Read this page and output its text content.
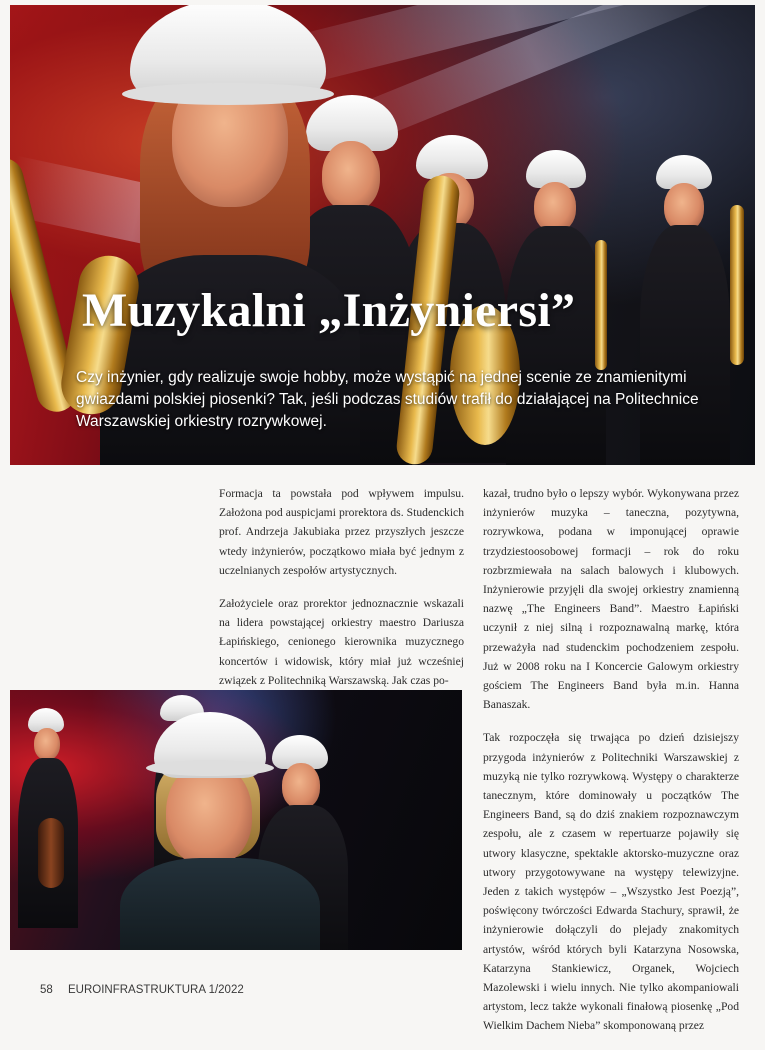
Muzykalni „Inżyniersi”

Czy inżynier, gdy realizuje swoje hobby, może wystąpić na jednej scenie ze znamienitymi gwiazdami polskiej piosenki? Tak, jeśli podczas studiów trafił do działającej na Politechnice Warszawskiej orkiestry rozrywkowej.

Formacja ta powstała pod wpływem impulsu. Założona pod auspicjami prorektora ds. Studenckich prof. Andrzeja Jakubiaka przez przyszłych jeszcze wtedy inżynierów, początkowo miała być jednym z uczelnianych zespołów artystycznych.

Założyciele oraz prorektor jednoznacznie wskazali na lidera powstającej orkiestry maestro Dariusza Łapińskiego, cenionego kierownika muzycznego koncertów i widowisk, który miał już wcześniej związek z Politechniką Warszawską. Jak czas po-

kazał, trudno było o lepszy wybór. Wykonywana przez inżynierów muzyka – taneczna, pozytywna, rozrywkowa, podana w imponującej oprawie trzydziestoosobowej formacji – rok do roku rozbrzmiewała na salach balowych i klubowych. Inżynierowie przyjęli dla swojej orkiestry znamienną nazwę „The Engineers Band”. Maestro Łapiński uczynił z niej silną i rozpoznawalną markę, która przeważyła nad studenckim pochodzeniem zespołu. Już w 2008 roku na I Koncercie Galowym orkiestry gościem The Engineers Band była m.in. Hanna Banaszak.

Tak rozpoczęła się trwająca po dzień dzisiejszy przygoda inżynierów z Politechniki Warszawskiej z muzyką nie tylko rozrywkową. Występy o charakterze tanecznym, które dominowały u początków The Engineers Band, są do dziś znakiem rozpoznawczym zespołu, ale z czasem w repertuarze pojawiły się utwory klasyczne, spektakle aktorsko-muzyczne oraz utwory przygotowywane na występy telewizyjne. Jeden z takich występów – „Wszystko Jest Poezją”, poświęcony twórczości Edwarda Stachury, sprawił, że inżynierowie dołączyli do plejady znakomitych artystów, wśród których byli Katarzyna Nosowska, Katarzyna Stankiewicz, Organek, Wojciech Mazolewski i wielu innych. Nie tylko akompaniowali artystom, lecz także wykonali finałową piosenkę „Pod Wielkim Dachem Nieba” skomponowaną przez

58 EUROINFRASTRUKTURA 1/2022
